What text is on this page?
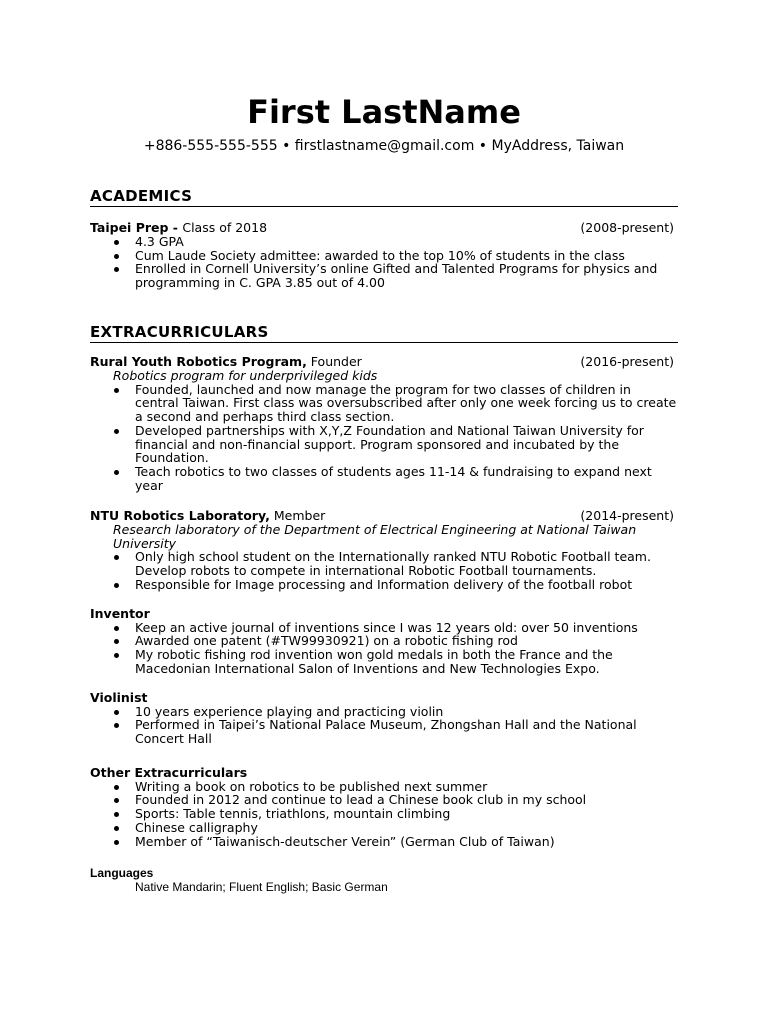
First LastName
+886-555-555-555 • firstlastname@gmail.com • MyAddress, Taiwan
ACADEMICS
Taipei Prep - Class of 2018	(2008-present)
4.3 GPA
Cum Laude Society admittee: awarded to the top 10% of students in the class
Enrolled in Cornell University’s online Gifted and Talented Programs for physics and programming in C. GPA 3.85 out of 4.00
EXTRACURRICULARS
Rural Youth Robotics Program, Founder	(2016-present)
Robotics program for underprivileged kids
Founded, launched and now manage the program for two classes of children in central Taiwan. First class was oversubscribed after only one week forcing us to create a second and perhaps third class section.
Developed partnerships with X,Y,Z Foundation and National Taiwan University for financial and non-financial support. Program sponsored and incubated by the Foundation.
Teach robotics to two classes of students ages 11-14 & fundraising to expand next year
NTU Robotics Laboratory, Member	(2014-present)
Research laboratory of the Department of Electrical Engineering at National Taiwan University
Only high school student on the Internationally ranked NTU Robotic Football team. Develop robots to compete in international Robotic Football tournaments.
Responsible for Image processing and Information delivery of the football robot
Inventor
Keep an active journal of inventions since I was 12 years old: over 50 inventions
Awarded one patent (#TW99930921) on a robotic fishing rod
My robotic fishing rod invention won gold medals in both the France and the Macedonian International Salon of Inventions and New Technologies Expo.
Violinist
10 years experience playing and practicing violin
Performed in Taipei’s National Palace Museum, Zhongshan Hall and the National Concert Hall
Other Extracurriculars
Writing a book on robotics to be published next summer
Founded in 2012 and continue to lead a Chinese book club in my school
Sports: Table tennis, triathlons, mountain climbing
Chinese calligraphy
Member of “Taiwanisch-deutscher Verein” (German Club of Taiwan)
Languages
Native Mandarin; Fluent English; Basic German
